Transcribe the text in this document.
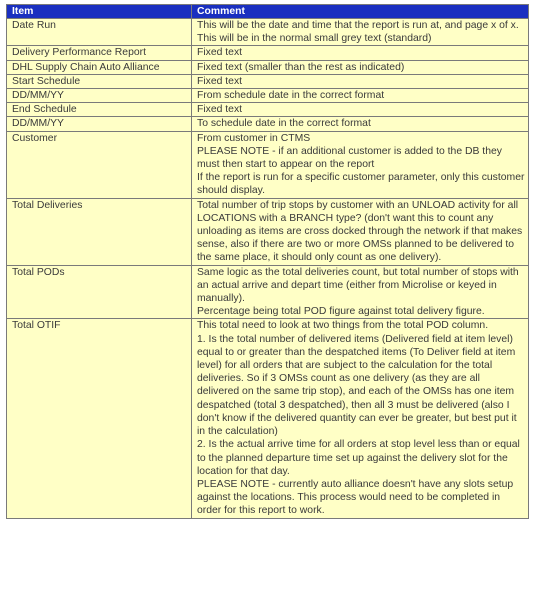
Item	Comment
Date Run	This will be the date and time that the report is run at, and page x of x. This will be in the normal small grey text (standard)

Delivery Performance Report	Fixed text

DHL Supply Chain Auto Alliance	Fixed text (smaller than the rest as indicated)

Start Schedule	Fixed text

DD/MM/YY	From schedule date in the correct format

End Schedule	Fixed text

DD/MM/YY	To schedule date in the correct format

Customer	From customer in CTMS
PLEASE NOTE - if an additional customer is added to the DB they must then start to appear on the report
If the report is run for a specific customer parameter, only this customer should display.

Total Deliveries	Total number of trip stops by customer with an UNLOAD activity for all LOCATIONS with a BRANCH type? (don't want this to count any unloading as items are cross docked through the network if that makes sense, also if there are two or more OMSs planned to be delivered to the same place, it should only count as one delivery).

Total PODs	Same logic as the total deliveries count, but total number of stops with an actual arrive and depart time (either from Microlise or keyed in manually).
Percentage being total POD figure against total delivery figure.

Total OTIF	This total need to look at two things from the total POD column.
1. Is the total number of delivered items (Delivered field at item level) equal to or greater than the despatched items (To Deliver field at item level) for all orders that are subject to the calculation for the total deliveries. So if 3 OMSs count as one delivery (as they are all delivered on the same trip stop), and each of the OMSs has one item despatched (total 3 despatched), then all 3 must be delivered (also I don't know if the delivered quantity can ever be greater, but best put it in the calculation)
2. Is the actual arrive time for all orders at stop level less than or equal to the planned departure time set up against the delivery slot for the location for that day.
PLEASE NOTE - currently auto alliance doesn't have any slots setup against the locations. This process would need to be completed in order for this report to work.
